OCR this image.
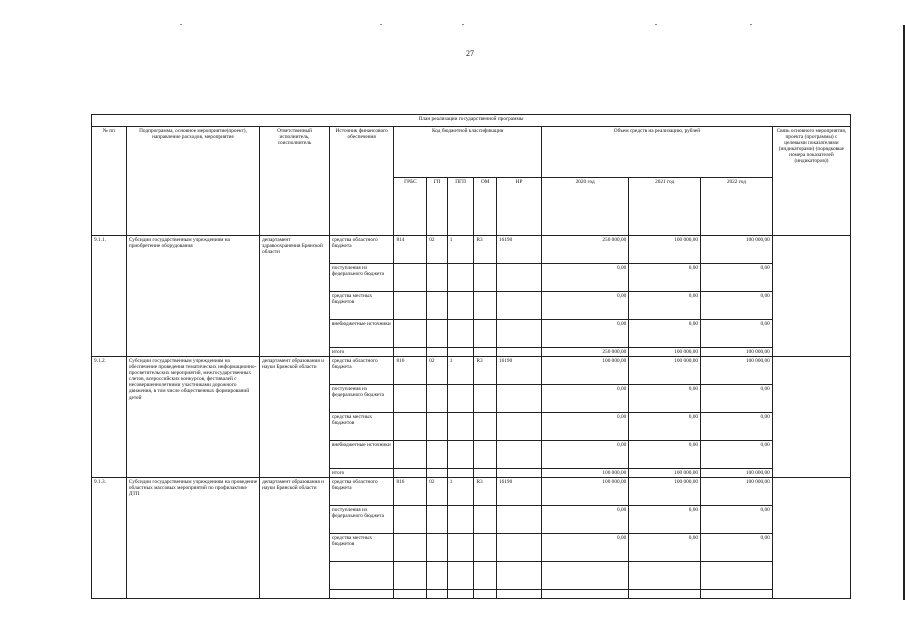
27
План реализации государственной программы												
№ пп	Подпрограмма, основное мероприятие(проект), направление расходов, мероприятие	Ответственный исполнитель, соисполнитель	Источник финансового обеспечения	Код бюджетной классификации					Объем средств на реализацию, рублей			Связь основного мероприятия, проекта (программы) с целевыми показателями (индикаторами) (порядковые номера показателей (индикаторов))
				ГРБС	ГП	ПГП	ОМ	НР	2020 год	2021 год	2022 год	
9.1.1.	Субсидии государственным учреждениям на приобретение оборудования	департамент здравоохранения Брянской области	средства областного бюджета	814	02	1	R3	16190	250 000,00	100 000,00	100 000,00	
			поступления из федерального бюджета						0,00	0,00	0,00	
			средства местных бюджетов						0,00	0,00	0,00	
			внебюджетные источники						0,00	0,00	0,00	
			итого						250 000,00	100 000,00	100 000,00	
9.1.2.	Субсидии государственным учреждениям на обеспечение проведения тематических информационно-просветительских мероприятий, межгосударственных слетов, всероссийских конкурсов, фестивалей с несовершеннолетними участниками дорожного движения, в том числе общественных формирований детей	департамент образования и науки Брянской области	средства областного бюджета	816	02	1	R3	16190	100 000,00	100 000,00	100 000,00	
			поступления из федерального бюджета						0,00	0,00	0,00	
			средства местных бюджетов						0,00	0,00	0,00	
			внебюджетные источники						0,00	0,00	0,00	
			итого						100 000,00	100 000,00	100 000,00	
9.1.3.	Субсидии государственным учреждениям на проведение областных массовых мероприятий по профилактике ДТП	департамент образования и науки Брянской области	средства областного бюджета	816	02	1	R3	16190	100 000,00	100 000,00	100 000,00	
			поступления из федерального бюджета						0,00	0,00	0,00	
			средства местных бюджетов						0,00	0,00	0,00	
